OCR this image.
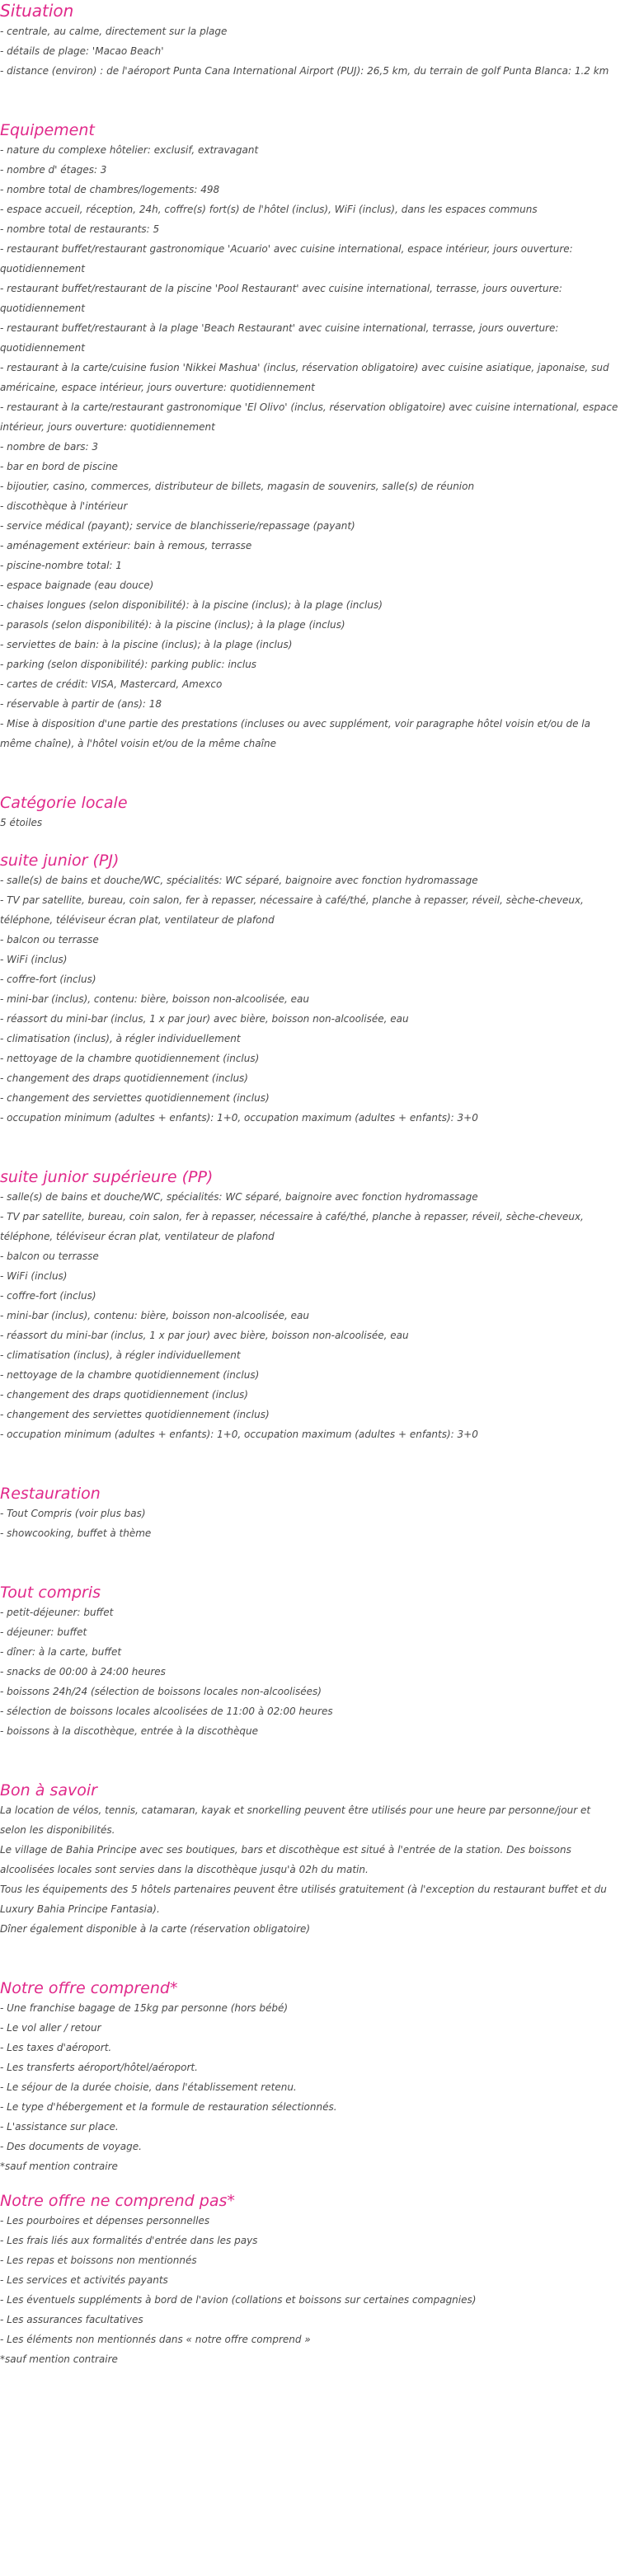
Situation

- centrale, au calme, directement sur la plage

- détails de plage: 'Macao Beach'

- distance (environ) : de l'aéroport Punta Cana International Airport (PUJ): 26,5 km, du terrain de golf Punta Blanca: 1.2 km

Equipement

- nature du complexe hôtelier: exclusif, extravagant

- nombre d' étages: 3

- nombre total de chambres/logements: 498

- espace accueil, réception, 24h, coffre(s) fort(s) de l'hôtel (inclus), WiFi (inclus), dans les espaces communs

- nombre total de restaurants: 5

- restaurant buffet/restaurant gastronomique 'Acuario' avec cuisine international, espace intérieur, jours ouverture: quotidiennement

- restaurant buffet/restaurant de la piscine 'Pool Restaurant' avec cuisine international, terrasse, jours ouverture: quotidiennement

- restaurant buffet/restaurant à la plage 'Beach Restaurant' avec cuisine international, terrasse, jours ouverture: quotidiennement

- restaurant à la carte/cuisine fusion 'Nikkei Mashua' (inclus, réservation obligatoire) avec cuisine asiatique, japonaise, sud américaine, espace intérieur, jours ouverture: quotidiennement

- restaurant à la carte/restaurant gastronomique 'El Olivo' (inclus, réservation obligatoire) avec cuisine international, espace intérieur, jours ouverture: quotidiennement

- nombre de bars: 3

- bar en bord de piscine

- bijoutier, casino, commerces, distributeur de billets, magasin de souvenirs, salle(s) de réunion

- discothèque à l'intérieur

- service médical (payant); service de blanchisserie/repassage (payant)

- aménagement extérieur: bain à remous, terrasse

- piscine-nombre total: 1

- espace baignade (eau douce)

- chaises longues (selon disponibilité): à la piscine (inclus); à la plage (inclus)

- parasols (selon disponibilité): à la piscine (inclus); à la plage (inclus)

- serviettes de bain: à la piscine (inclus); à la plage (inclus)

- parking (selon disponibilité): parking public: inclus

- cartes de crédit: VISA, Mastercard, Amexco

- réservable à partir de (ans): 18

- Mise à disposition d'une partie des prestations (incluses ou avec supplément, voir paragraphe hôtel voisin et/ou de la même chaîne), à l'hôtel voisin et/ou de la même chaîne

Catégorie locale

5 étoiles

suite junior (PJ)

- salle(s) de bains et douche/WC, spécialités: WC séparé, baignoire avec fonction hydromassage

- TV par satellite, bureau, coin salon, fer à repasser, nécessaire à café/thé, planche à repasser, réveil, sèche-cheveux, téléphone, téléviseur écran plat, ventilateur de plafond

- balcon ou terrasse

- WiFi (inclus)

- coffre-fort (inclus)

- mini-bar (inclus), contenu: bière, boisson non-alcoolisée, eau

- réassort du mini-bar (inclus, 1 x par jour) avec bière, boisson non-alcoolisée, eau

- climatisation (inclus), à régler individuellement

- nettoyage de la chambre quotidiennement (inclus)

- changement des draps quotidiennement (inclus)

- changement des serviettes quotidiennement (inclus)

- occupation minimum (adultes + enfants): 1+0, occupation maximum (adultes + enfants): 3+0

suite junior supérieure (PP)

- salle(s) de bains et douche/WC, spécialités: WC séparé, baignoire avec fonction hydromassage

- TV par satellite, bureau, coin salon, fer à repasser, nécessaire à café/thé, planche à repasser, réveil, sèche-cheveux, téléphone, téléviseur écran plat, ventilateur de plafond

- balcon ou terrasse

- WiFi (inclus)

- coffre-fort (inclus)

- mini-bar (inclus), contenu: bière, boisson non-alcoolisée, eau

- réassort du mini-bar (inclus, 1 x par jour) avec bière, boisson non-alcoolisée, eau

- climatisation (inclus), à régler individuellement

- nettoyage de la chambre quotidiennement (inclus)

- changement des draps quotidiennement (inclus)

- changement des serviettes quotidiennement (inclus)

- occupation minimum (adultes + enfants): 1+0, occupation maximum (adultes + enfants): 3+0

Restauration

- Tout Compris (voir plus bas)

- showcooking, buffet à thème

Tout compris

- petit-déjeuner: buffet

- déjeuner: buffet

- dîner: à la carte, buffet

- snacks de 00:00 à 24:00 heures

- boissons 24h/24 (sélection de boissons locales non-alcoolisées)

- sélection de boissons locales alcoolisées de 11:00 à 02:00 heures

- boissons à la discothèque, entrée à la discothèque

Bon à savoir

La location de vélos, tennis, catamaran, kayak et snorkelling peuvent être utilisés pour une heure par personne/jour et selon les disponibilités.

Le village de Bahia Principe avec ses boutiques, bars et discothèque est situé à l'entrée de la station. Des boissons alcoolisées locales sont servies dans la discothèque jusqu'à 02h du matin.

Tous les équipements des 5 hôtels partenaires peuvent être utilisés gratuitement (à l'exception du restaurant buffet et du Luxury Bahia Principe Fantasia).

Dîner également disponible à la carte (réservation obligatoire)

Notre offre comprend*

- Une franchise bagage de 15kg par personne (hors bébé)

- Le vol aller / retour

- Les taxes d'aéroport.

- Les transferts aéroport/hôtel/aéroport.

- Le séjour de la durée choisie, dans l'établissement retenu.

- Le type d'hébergement et la formule de restauration sélectionnés.

- L'assistance sur place.

- Des documents de voyage.

*sauf mention contraire

Notre offre ne comprend pas*

- Les pourboires et dépenses personnelles

- Les frais liés aux formalités d'entrée dans les pays

- Les repas et boissons non mentionnés

- Les services et activités payants

- Les éventuels suppléments à bord de l'avion (collations et boissons sur certaines compagnies)

- Les assurances facultatives

- Les éléments non mentionnés dans « notre offre comprend »

*sauf mention contraire
